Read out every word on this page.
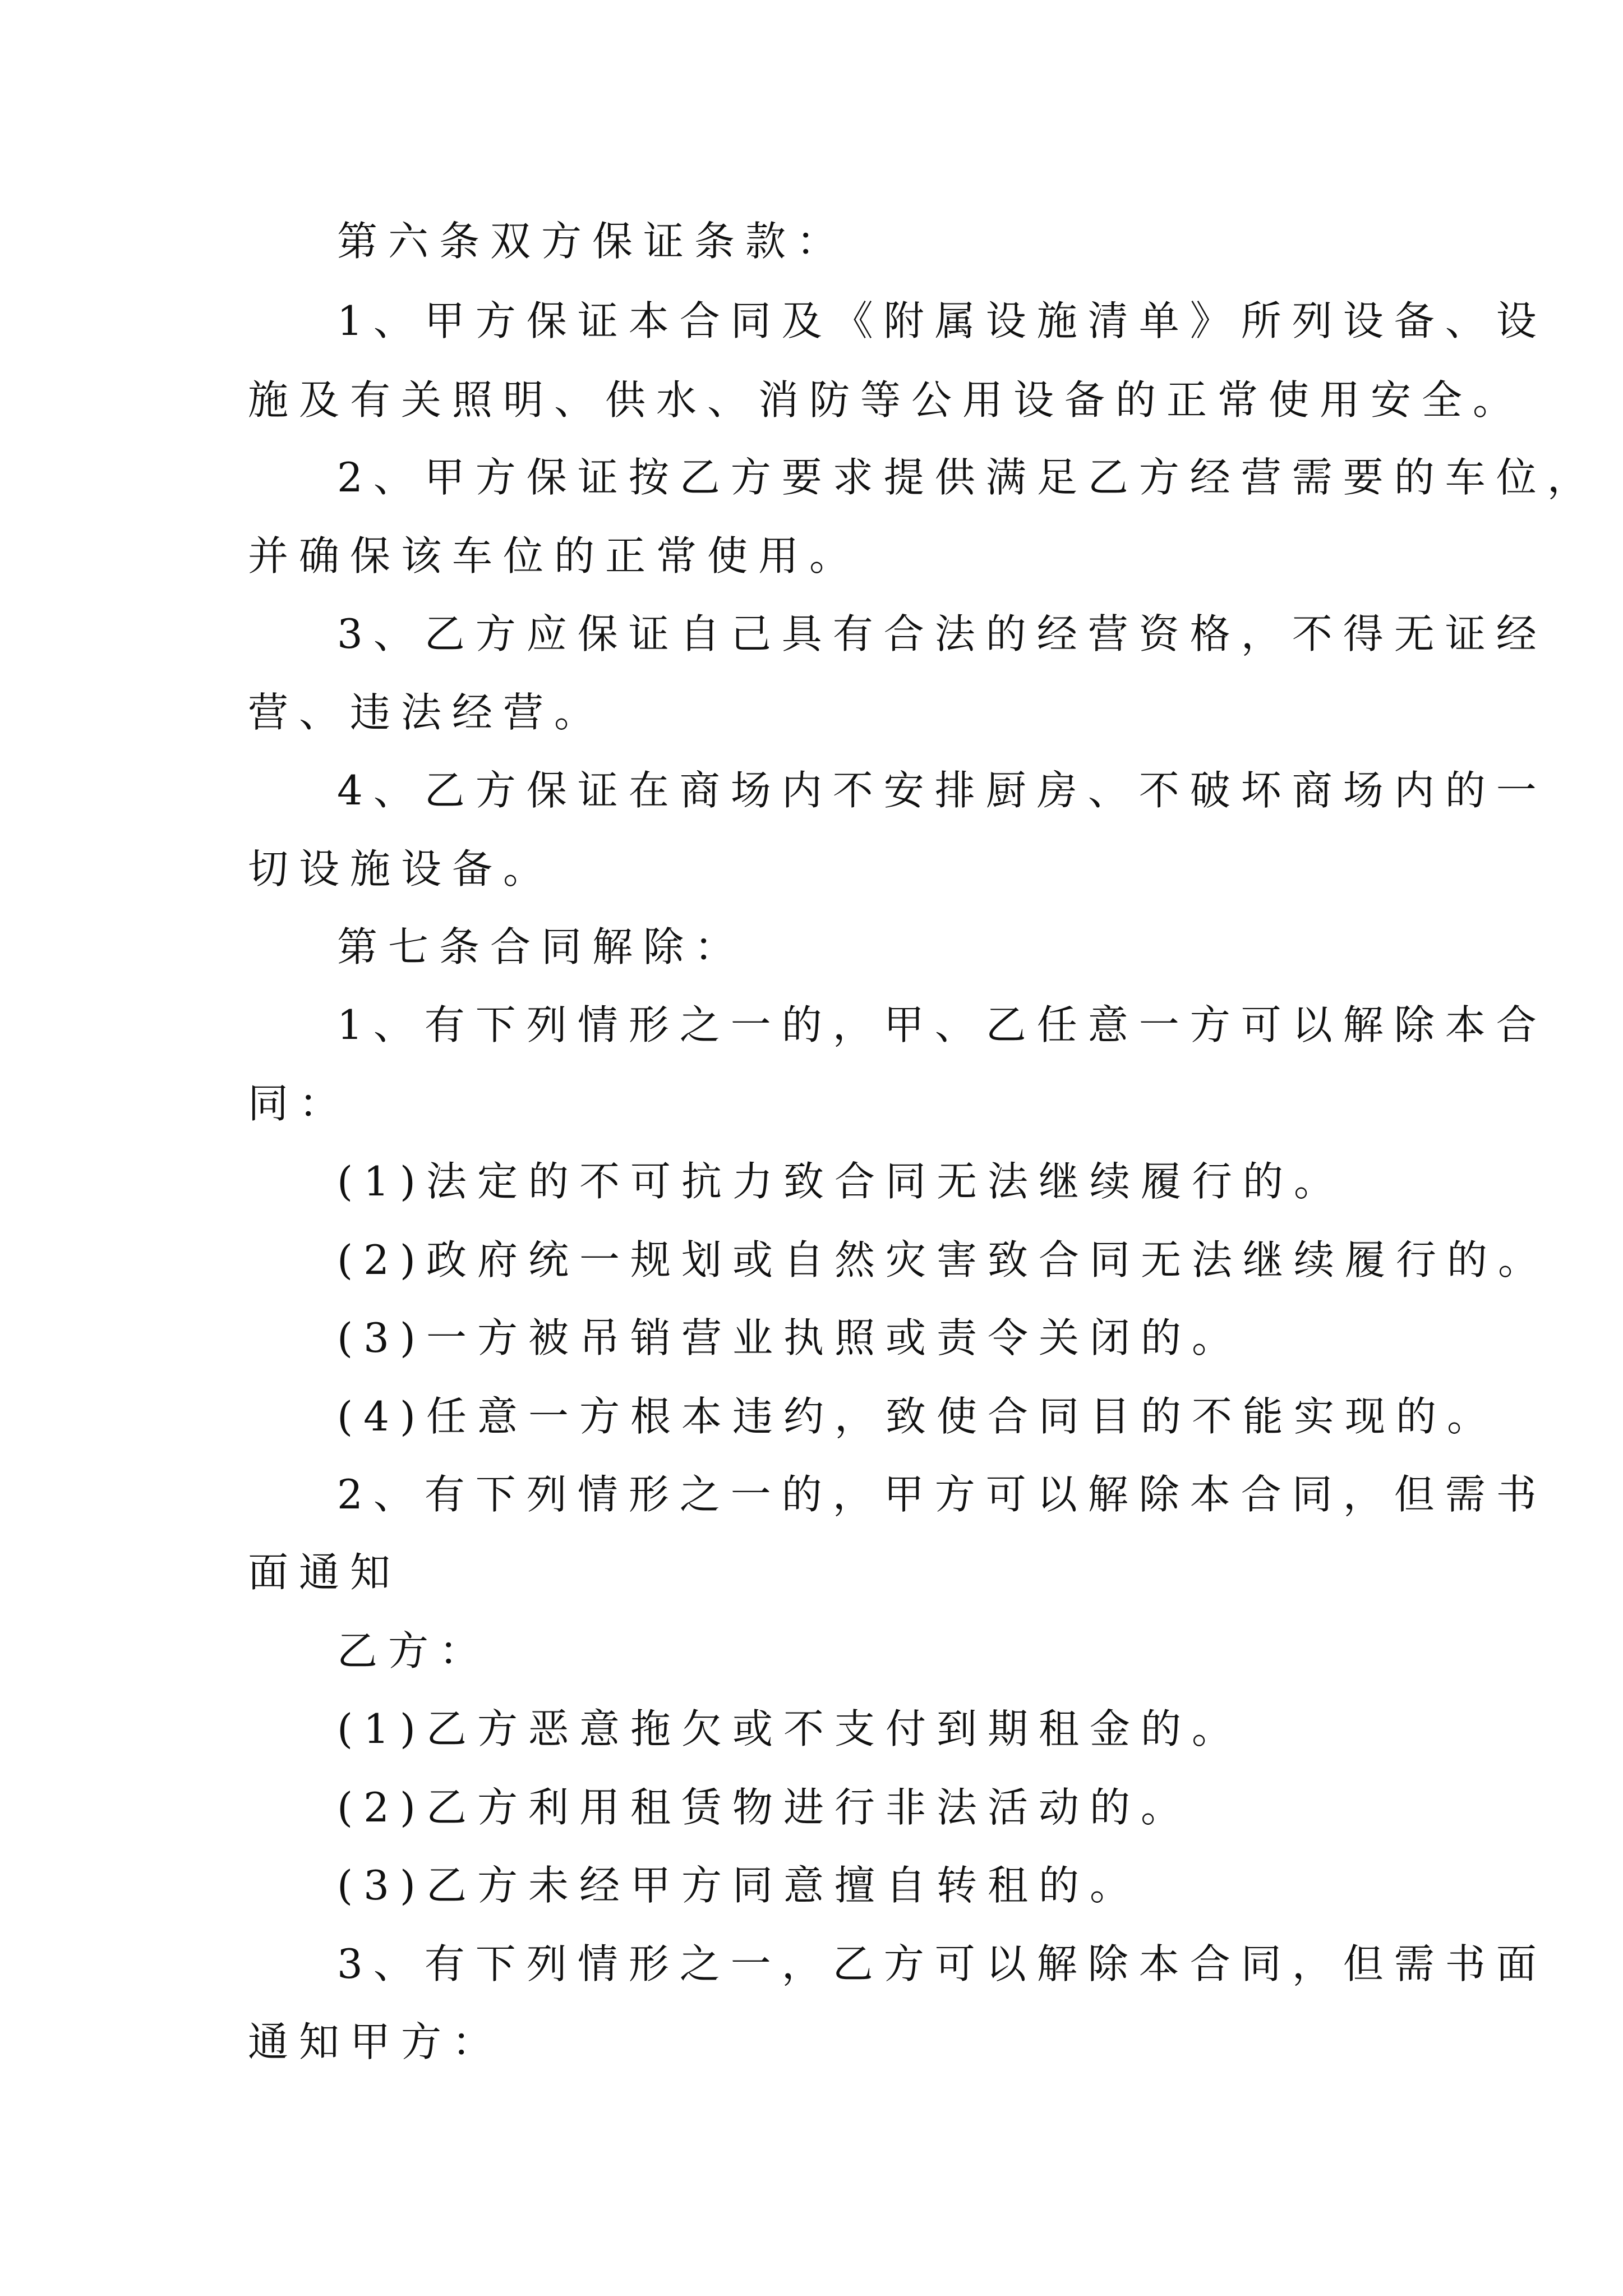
第六条双方保证条款：

1、甲方保证本合同及《附属设施清单》所列设备、设

施及有关照明、供水、消防等公用设备的正常使用安全。

2、甲方保证按乙方要求提供满足乙方经营需要的车位，

并确保该车位的正常使用。

3、乙方应保证自己具有合法的经营资格，不得无证经

营、违法经营。

4、乙方保证在商场内不安排厨房、不破坏商场内的一

切设施设备。

第七条合同解除：

1、有下列情形之一的，甲、乙任意一方可以解除本合

同：

(1)法定的不可抗力致合同无法继续履行的。

(2)政府统一规划或自然灾害致合同无法继续履行的。

(3)一方被吊销营业执照或责令关闭的。

(4)任意一方根本违约，致使合同目的不能实现的。

2、有下列情形之一的，甲方可以解除本合同，但需书

面通知

乙方：

(1)乙方恶意拖欠或不支付到期租金的。

(2)乙方利用租赁物进行非法活动的。

(3)乙方未经甲方同意擅自转租的。

3、有下列情形之一，乙方可以解除本合同，但需书面

通知甲方：
